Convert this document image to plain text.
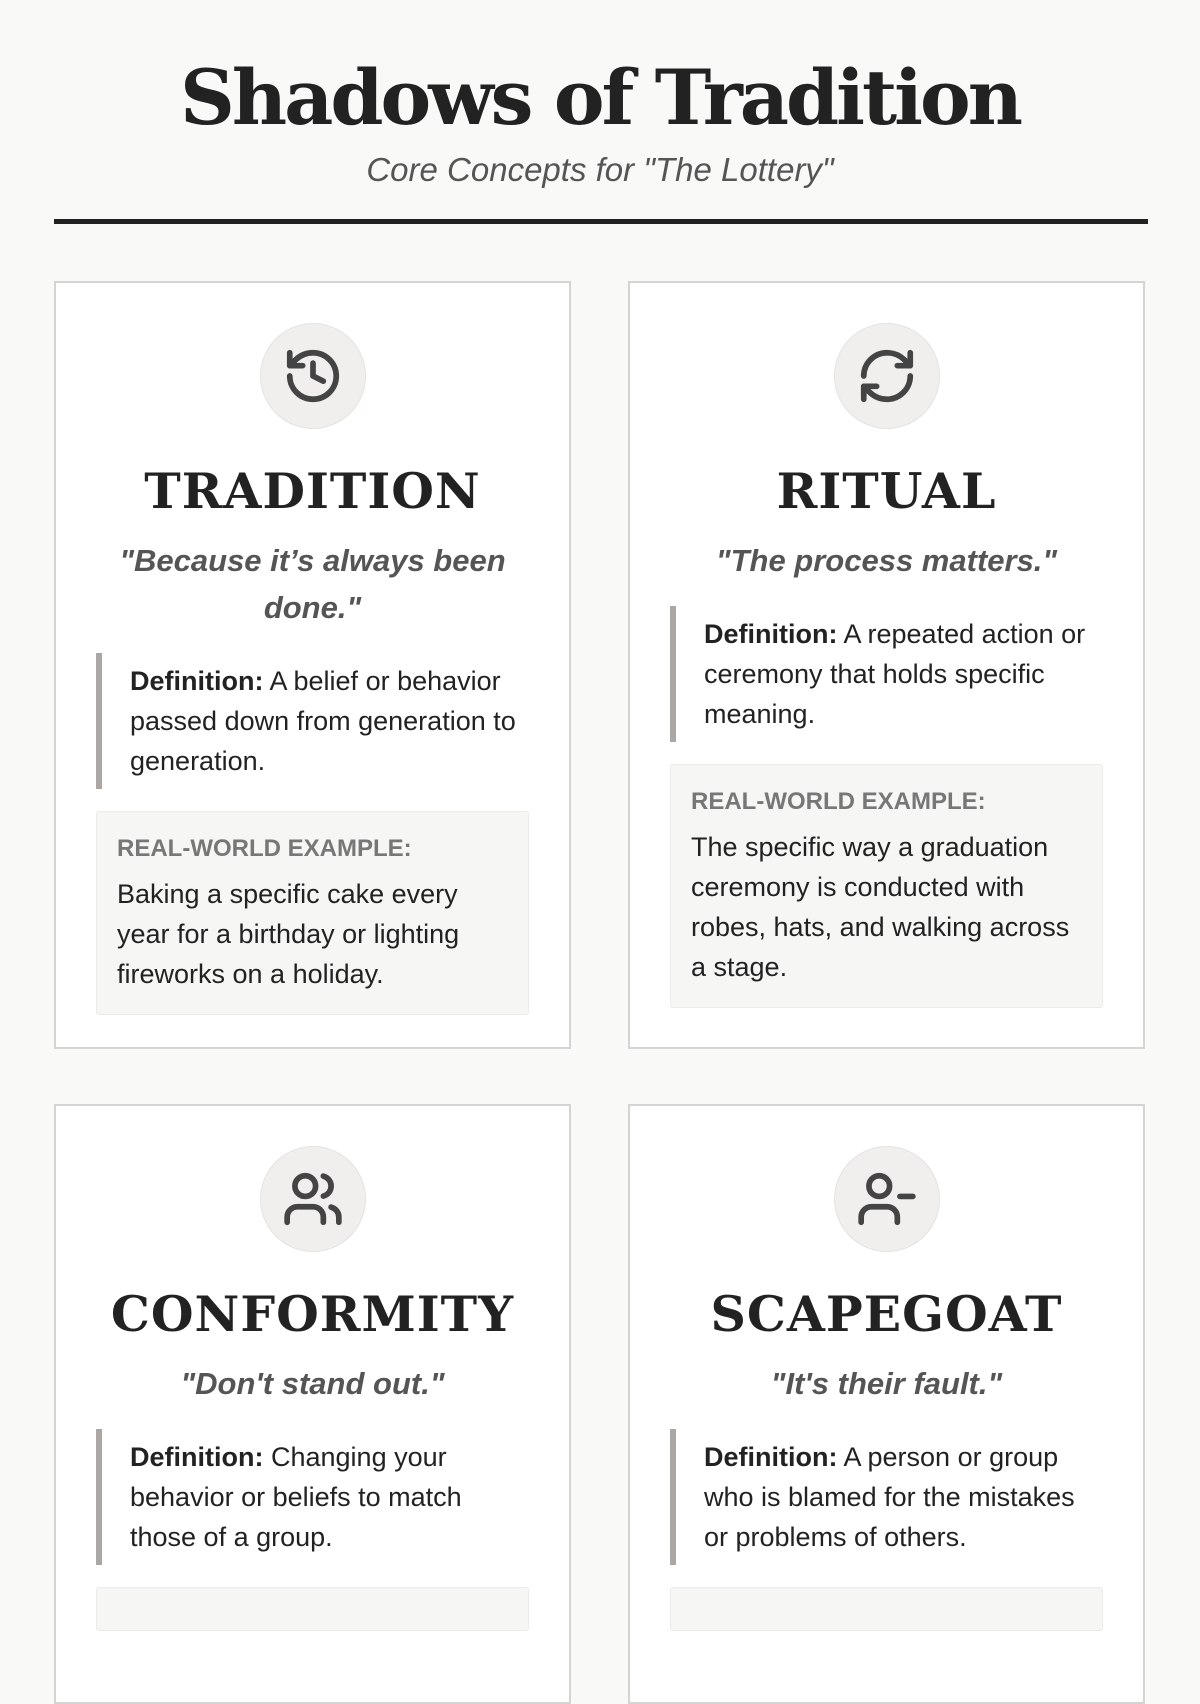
Shadows of Tradition
Core Concepts for "The Lottery"
TRADITION
"Because it’s always been done."
Definition: A belief or behavior passed down from generation to generation.
REAL-WORLD EXAMPLE:
Baking a specific cake every year for a birthday or lighting fireworks on a holiday.
RITUAL
"The process matters."
Definition: A repeated action or ceremony that holds specific meaning.
REAL-WORLD EXAMPLE:
The specific way a graduation ceremony is conducted with robes, hats, and walking across a stage.
CONFORMITY
"Don't stand out."
Definition: Changing your behavior or beliefs to match those of a group.
SCAPEGOAT
"It's their fault."
Definition: A person or group who is blamed for the mistakes or problems of others.
